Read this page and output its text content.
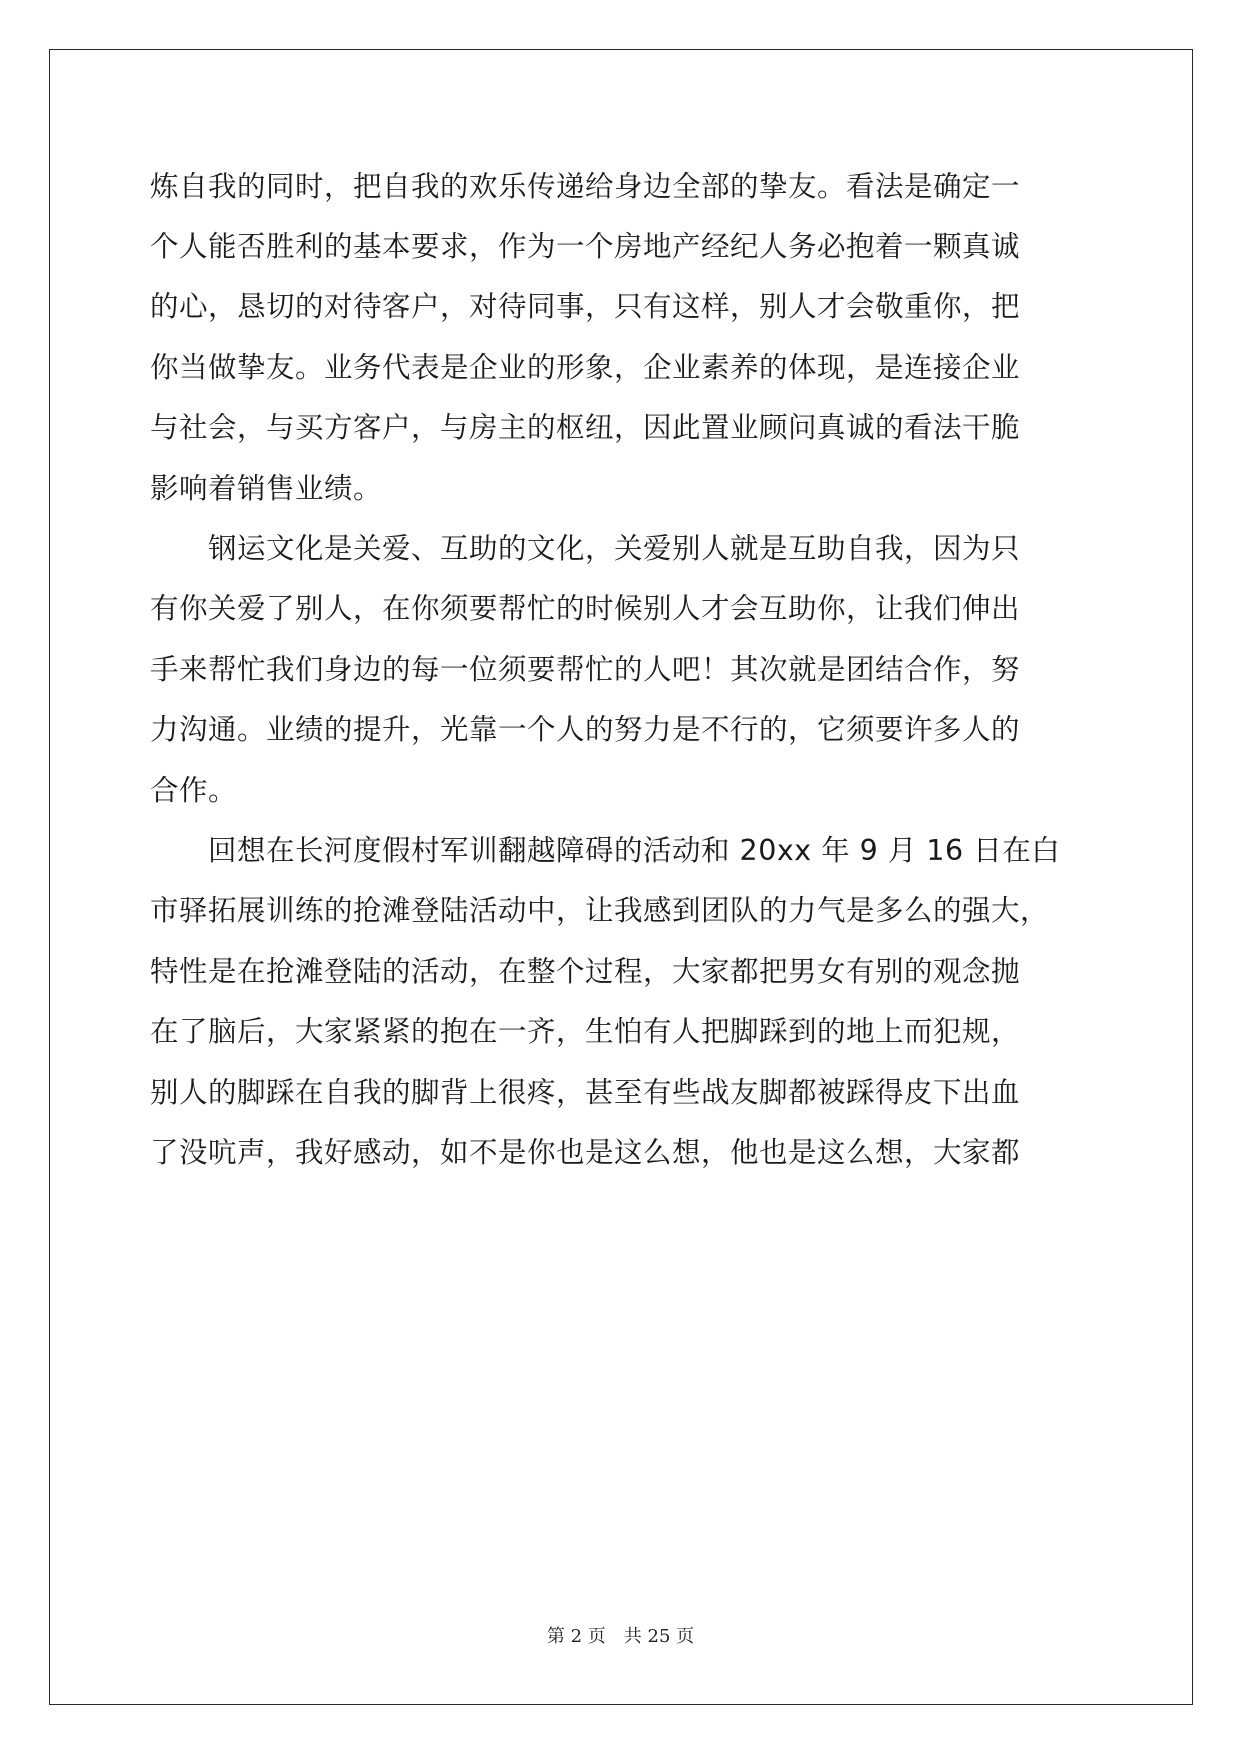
炼自我的同时，把自我的欢乐传递给身边全部的挚友。看法是确定一
个人能否胜利的基本要求，作为一个房地产经纪人务必抱着一颗真诚
的心，恳切的对待客户，对待同事，只有这样，别人才会敬重你，把
你当做挚友。业务代表是企业的形象，企业素养的体现，是连接企业
与社会，与买方客户，与房主的枢纽，因此置业顾问真诚的看法干脆
影响着销售业绩。
　　钢运文化是关爱、互助的文化，关爱别人就是互助自我，因为只
有你关爱了别人，在你须要帮忙的时候别人才会互助你，让我们伸出
手来帮忙我们身边的每一位须要帮忙的人吧！其次就是团结合作，努
力沟通。业绩的提升，光靠一个人的努力是不行的，它须要许多人的
合作。
　　回想在长河度假村军训翻越障碍的活动和 20xx 年 9 月 16 日在白
市驿拓展训练的抢滩登陆活动中，让我感到团队的力气是多么的强大，
特性是在抢滩登陆的活动，在整个过程，大家都把男女有别的观念抛
在了脑后，大家紧紧的抱在一齐，生怕有人把脚踩到的地上而犯规，
别人的脚踩在自我的脚背上很疼，甚至有些战友脚都被踩得皮下出血
了没吭声，我好感动，如不是你也是这么想，他也是这么想，大家都
第 2 页　共 25 页
